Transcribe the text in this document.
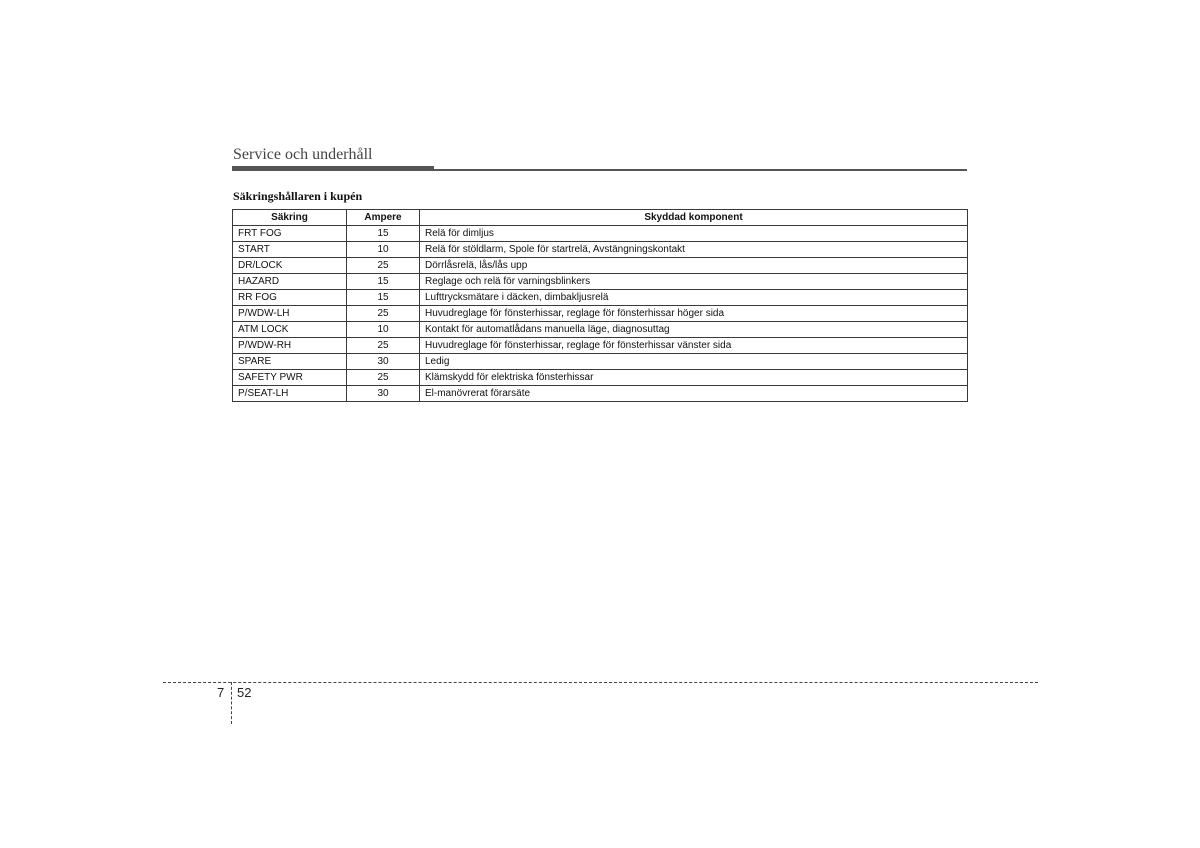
Service och underhåll
Säkringshållaren i kupén
Säkring	Ampere	Skyddad komponent
FRT FOG	15	Relä för dimljus
START	10	Relä för stöldlarm, Spole för startrelä, Avstängningskontakt
DR/LOCK	25	Dörrlåsrelä, lås/lås upp
HAZARD	15	Reglage och relä för varningsblinkers
RR FOG	15	Lufttrycksmätare i däcken, dimbakljusrelä
P/WDW-LH	25	Huvudreglage för fönsterhissar, reglage för fönsterhissar höger sida
ATM LOCK	10	Kontakt för automatlådans manuella läge, diagnosuttag
P/WDW-RH	25	Huvudreglage för fönsterhissar, reglage för fönsterhissar vänster sida
SPARE	30	Ledig
SAFETY PWR	25	Klämskydd för elektriska fönsterhissar
P/SEAT-LH	30	El-manövrerat förarsäte
7 52
